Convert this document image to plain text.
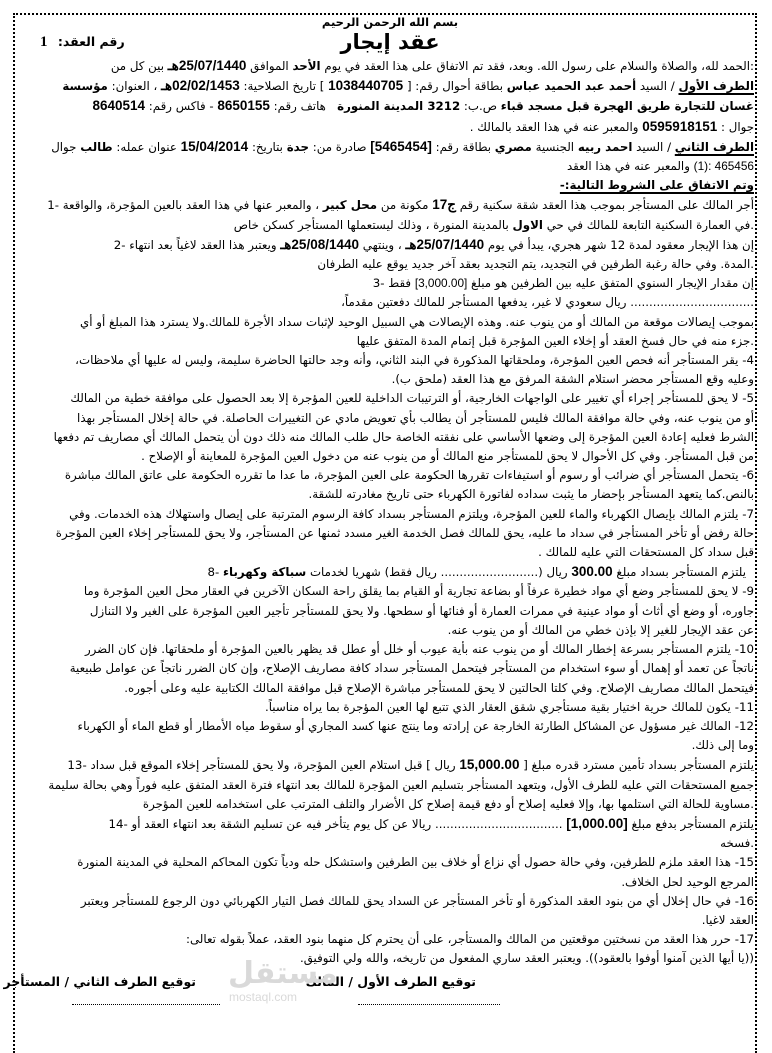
بسم الله الرحمن الرحيم
عقد إيجار
رقم العقد: 1
:الحمد لله، والصلاة والسلام على رسول الله. وبعد، فقد تم الاتفاق على هذا العقد في يوم الأحد الموافق 25/07/1440هـ بين كل من
الطرف الأول / السيد أحمد عبد الحميد عباس بطاقة أحوال رقم: [ 1038440705 ] تاريخ الصلاحية: 02/02/1453هـ ، العنوان: مؤسسة
غسان للتجارة طريق الهجرة قبل مسجد قباء ص.ب: 3212 المدينة المنورة   هاتف رقم: 8650155 - فاكس رقم: 8640514
جوال : 0595918151 والمعبر عنه في هذا العقد بالمالك .
الطرف الثاني / السيد احمد ربيه الجنسية مصري بطاقة رقم: [5465454] صادرة من: جدة بتاريخ: 15/04/2014 عنوان عمله: طالب جوال
(1): 465456 والمعبر عنه في هذا العقد
وتم الاتفاق على الشروط التالية:-
أجر المالك على المستأجر بموجب هذا العقد شقة سكنية رقم ج17 مكونة من محل كبير ، والمعبر عنها في هذا العقد بالعين المؤجرة، والواقعة -1
.في العمارة السكنية التابعة للمالك في حي الاول بالمدينة المنورة ، وذلك ليستعملها المستأجر كسكن خاص
إن هذا الإيجار معقود لمدة 12 شهر هجري، يبدأ في يوم 25/07/1440هـ ، وينتهي 25/08/1440هـ ويعتبر هذا العقد لاغياً بعد انتهاء -2
.المدة. وفي حالة رغبة الطرفين في التجديد، يتم التجديد بعقد آخر جديد يوقع عليه الطرفان
إن مقدار الإيجار السنوي المتفق عليه بين الطرفين هو مبلغ [3,000.00] فقط -3
................................. ريال سعودي لا غير، يدفعها المستأجر للمالك دفعتين مقدماً،
بموجب إيصالات موقعة من المالك أو من ينوب عنه. وهذه الإيصالات هي السبيل الوحيد لإثبات سداد الأجرة للمالك.ولا يسترد هذا المبلغ أو أي
.جزء منه في حال فسخ العقد أو إخلاء العين المؤجرة قبل إتمام المدة المتفق عليها
4- يقر المستأجر أنه فحص العين المؤجرة، وملحقاتها المذكورة في البند الثاني، وأنه وجد حالتها الحاضرة سليمة، وليس له عليها أي ملاحظات،
وعليه وقع المستأجر محضر استلام الشقة المرفق مع هذا العقد (ملحق ب).
5- لا يحق للمستأجر إجراء أي تغيير على الواجهات الخارجية، أو الترتيبات الداخلية للعين المؤجرة إلا بعد الحصول على موافقة خطية من المالك
أو من ينوب عنه، وفي حالة موافقة المالك فليس للمستأجر أن يطالب بأي تعويض مادي عن التغييرات الحاصلة. في حالة إخلال المستأجر بهذا
الشرط فعليه إعادة العين المؤجرة إلى وضعها الأساسي على نفقته الخاصة حال طلب المالك منه ذلك دون أن يتحمل المالك أي مصاريف تم دفعها
من قبل المستأجر. وفي كل الأحوال لا يحق للمستأجر منع المالك أو من ينوب عنه من دخول العين المؤجرة للمعاينة أو الإصلاح .
6- يتحمل المستأجر أي ضرائب أو رسوم أو استيفاءات تقررها الحكومة على العين المؤجرة، ما عدا ما تقرره الحكومة على عاتق المالك مباشرة
بالنص.كما يتعهد المستأجر بإحضار ما يثبت سداده لفاتورة الكهرباء حتى تاريخ مغادرته للشقة.
7- يلتزم المالك بإيصال الكهرباء والماء للعين المؤجرة، ويلتزم المستأجر بسداد كافة الرسوم المترتبة على إيصال واستهلاك هذه الخدمات. وفي
حالة رفض أو تأخر المستأجر في سداد ما عليه، يحق للمالك فصل الخدمة الغير مسدد ثمنها عن المستأجر، ولا يحق للمستأجر إخلاء العين المؤجرة
قبل سداد كل المستحقات التي عليه للمالك .
يلتزم المستأجر بسداد مبلغ 300.00 ريال (.......................... ريال فقط) شهريا لخدمات سباكة وكهرباء -8
9- لا يحق للمستأجر وضع أي مواد خطيرة عرفاً أو بضاعة تجارية أو القيام بما يقلق راحة السكان الآخرين في العقار محل العين المؤجرة وما
جاوره، أو وضع أي أثاث أو مواد عينية في ممرات العمارة أو فنائها أو سطحها. ولا يحق للمستأجر تأجير العين المؤجرة على الغير ولا التنازل
عن عقد الإيجار للغير إلا بإذن خطي من المالك أو من ينوب عنه.
10- يلتزم المستأجر بسرعة إخطار المالك أو من ينوب عنه بأية عيوب أو خلل أو عطل قد يظهر بالعين المؤجرة أو ملحقاتها. فإن كان الضرر
ناتجاً عن تعمد أو إهمال أو سوء استخدام من المستأجر فيتحمل المستأجر سداد كافة مصاريف الإصلاح، وإن كان الضرر ناتجاً عن عوامل طبيعية
فيتحمل المالك مصاريف الإصلاح. وفي كلتا الحالتين لا يحق للمستأجر مباشرة الإصلاح قبل موافقة المالك الكتابية عليه وعلى أجوره.
11- يكون للمالك حرية اختيار بقية مستأجري شقق العقار الذي تتبع لها العين المؤجرة بما يراه مناسباً.
12- المالك غير مسؤول عن المشاكل الطارئة الخارجة عن إرادته وما ينتج عنها كسد المجاري أو سقوط مياه الأمطار أو قطع الماء أو الكهرباء
وما إلى ذلك.
يلتزم المستأجر بسداد تأمين مسترد قدره مبلغ [ 15,000.00 ريال ] قبل استلام العين المؤجرة، ولا يحق للمستأجر إخلاء الموقع قبل سداد -13
جميع المستحقات التي عليه للطرف الأول، ويتعهد المستأجر بتسليم العين المؤجرة للمالك بعد انتهاء فترة العقد المتفق عليه فوراً وهي بحالة سليمة
.مساوية للحالة التي استلمها بها، وإلا فعليه إصلاح أو دفع قيمة إصلاح كل الأضرار والتلف المترتب على استخدامه للعين المؤجرة
يلتزم المستأجر بدفع مبلغ [1,000.00] .................................. ريالا عن كل يوم يتأخر فيه عن تسليم الشقة بعد انتهاء العقد أو -14
.فسخه
15- هذا العقد ملزم للطرفين، وفي حالة حصول أي نزاع أو خلاف بين الطرفين واستشكل حله ودياً تكون المحاكم المحلية في المدينة المنورة
المرجع الوحيد لحل الخلاف.
16- في حال إخلال أي من بنود العقد المذكورة أو تأخر المستأجر عن السداد يحق للمالك فصل التيار الكهربائي دون الرجوع للمستأجر ويعتبر
العقد لاغيا.
17- حرر هذا العقد من نسختين موقعتين من المالك والمستأجر، على أن يحترم كل منهما بنود العقد، عملاً بقوله تعالى:
((يا أيها الذين آمنوا أوفوا بالعقود)). ويعتبر العقد ساري المفعول من تاريخه، والله ولي التوفيق.
توقيع الطرف الأول / المالك
توقيع الطرف الثاني / المستأجر مستقل
mostaql.com
